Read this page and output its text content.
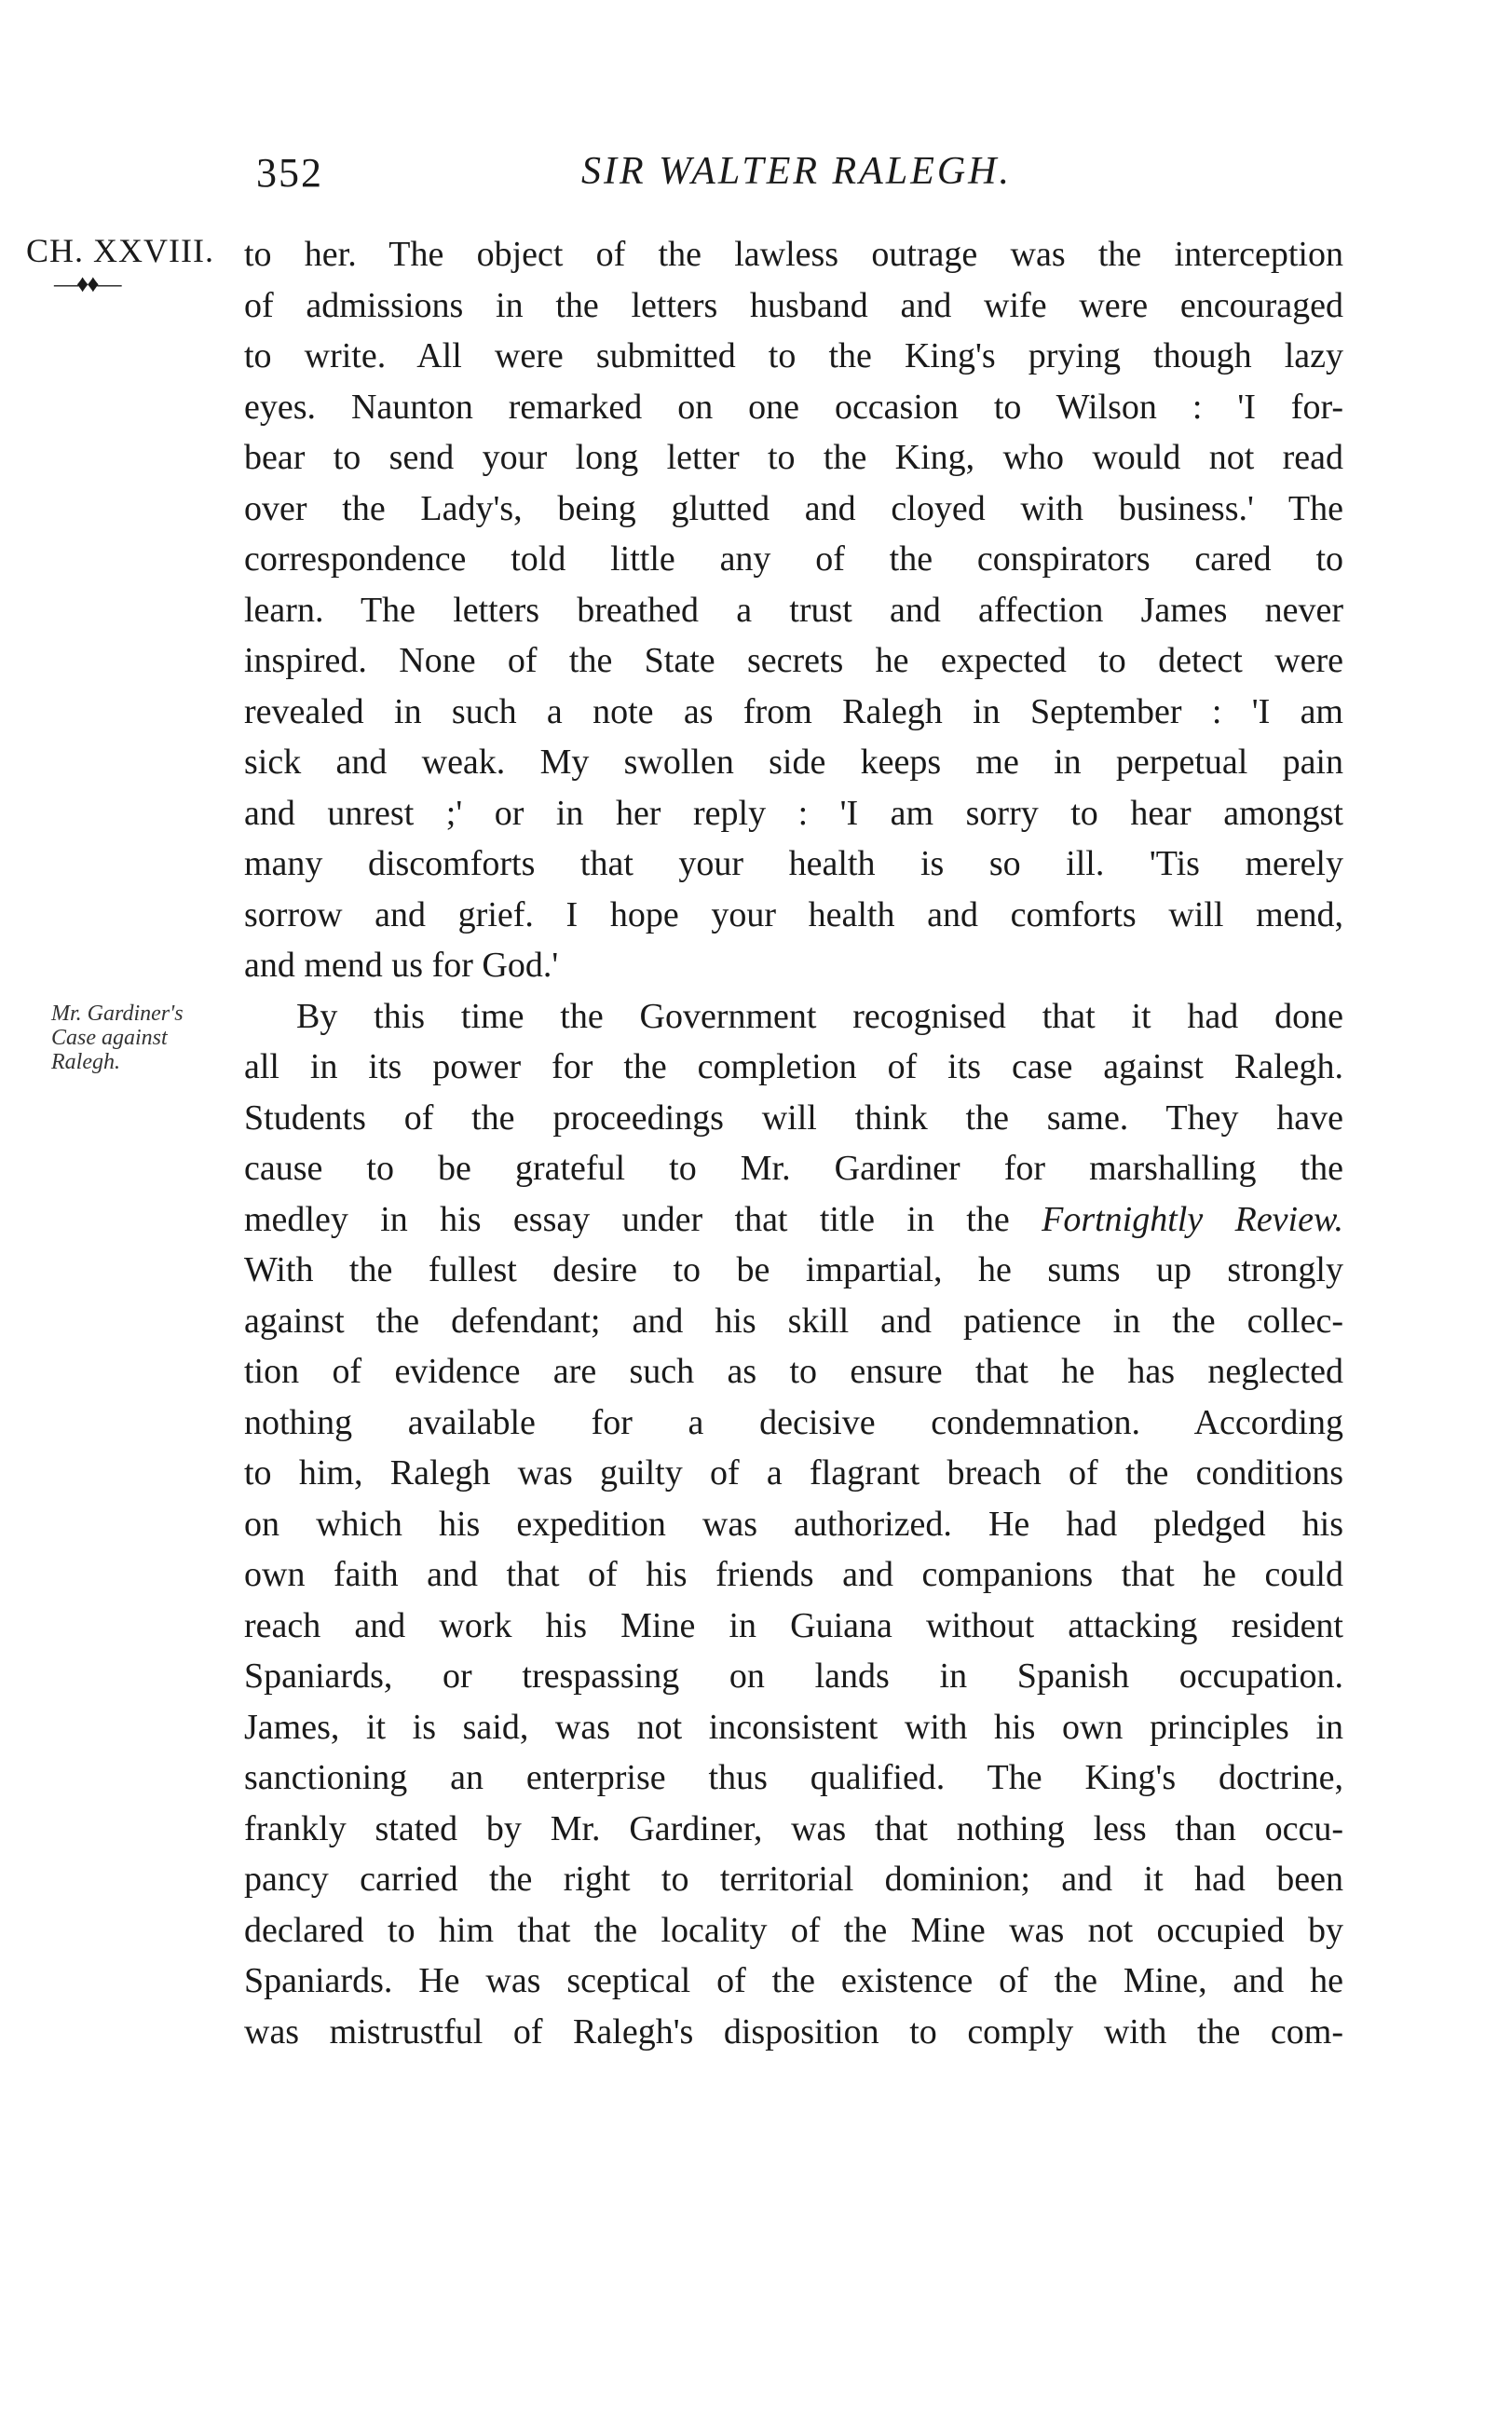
352	SIR WALTER RALEGH.
CH. XXVIII.
—♦♦—
Mr. Gardiner's Case against Ralegh.
to her. The object of the lawless outrage was the interception
of admissions in the letters husband and wife were encouraged
to write. All were submitted to the King's prying though lazy
eyes. Naunton remarked on one occasion to Wilson : 'I for-
bear to send your long letter to the King, who would not read
over the Lady's, being glutted and cloyed with business.' The
correspondence told little any of the conspirators cared to
learn. The letters breathed a trust and affection James never
inspired. None of the State secrets he expected to detect were
revealed in such a note as from Ralegh in September : 'I am
sick and weak. My swollen side keeps me in perpetual pain
and unrest ;' or in her reply : 'I am sorry to hear amongst
many discomforts that your health is so ill. 'Tis merely
sorrow and grief. I hope your health and comforts will mend,
and mend us for God.'
By this time the Government recognised that it had done
all in its power for the completion of its case against Ralegh.
Students of the proceedings will think the same. They have
cause to be grateful to Mr. Gardiner for marshalling the
medley in his essay under that title in the Fortnightly Review.
With the fullest desire to be impartial, he sums up strongly
against the defendant; and his skill and patience in the collec-
tion of evidence are such as to ensure that he has neglected
nothing available for a decisive condemnation. According
to him, Ralegh was guilty of a flagrant breach of the conditions
on which his expedition was authorized. He had pledged his
own faith and that of his friends and companions that he could
reach and work his Mine in Guiana without attacking resident
Spaniards, or trespassing on lands in Spanish occupation.
James, it is said, was not inconsistent with his own principles in
sanctioning an enterprise thus qualified. The King's doctrine,
frankly stated by Mr. Gardiner, was that nothing less than occu-
pancy carried the right to territorial dominion; and it had been
declared to him that the locality of the Mine was not occupied by
Spaniards. He was sceptical of the existence of the Mine, and he
was mistrustful of Ralegh's disposition to comply with the com-
